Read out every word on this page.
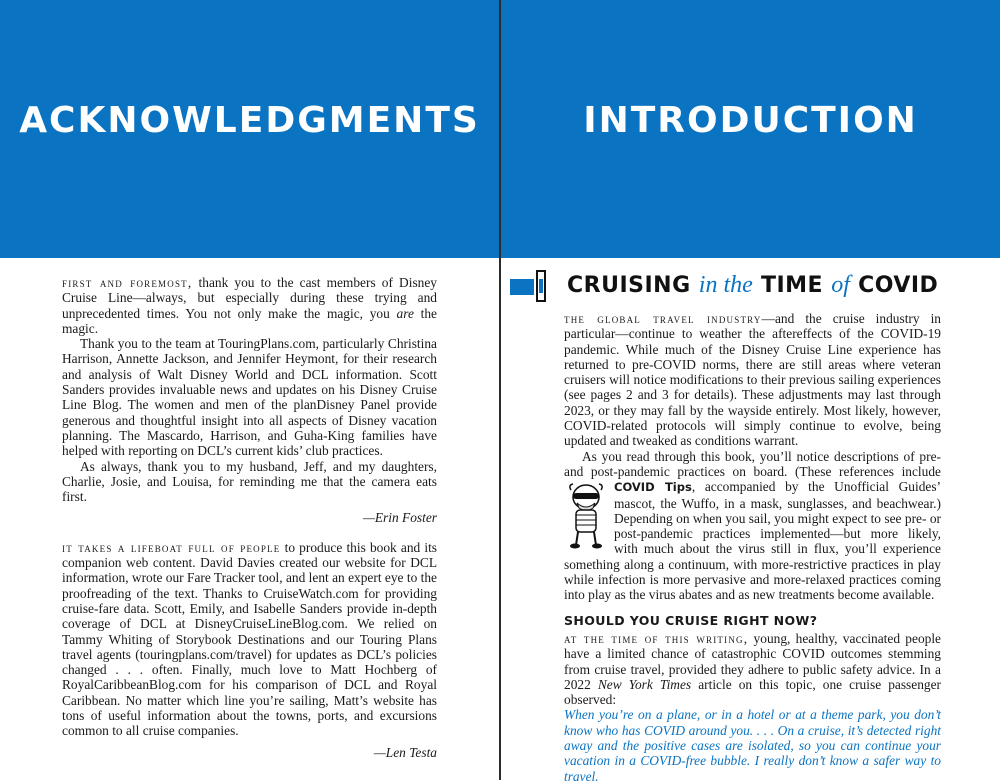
ACKNOWLEDGMENTS

first and foremost, thank you to the cast members of Disney Cruise Line—always, but especially during these trying and unprecedented times. You not only make the magic, you are the magic.

Thank you to the team at TouringPlans.com, particularly Christina Harrison, Annette Jackson, and Jennifer Heymont, for their research and analysis of Walt Disney World and DCL information. Scott Sanders provides invaluable news and updates on his Disney Cruise Line Blog. The women and men of the planDisney Panel provide generous and thoughtful insight into all aspects of Disney vacation planning. The Mascardo, Harrison, and Guha-King families have helped with reporting on DCL’s current kids’ club practices.

As always, thank you to my husband, Jeff, and my daughters, Charlie, Josie, and Louisa, for reminding me that the camera eats first.

—Erin Foster

it takes a lifeboat full of people to produce this book and its companion web content. David Davies created our website for DCL information, wrote our Fare Tracker tool, and lent an expert eye to the proofreading of the text. Thanks to CruiseWatch.com for providing cruise-fare data. Scott, Emily, and Isabelle Sanders provide in-depth coverage of DCL at DisneyCruiseLineBlog.com. We relied on Tammy Whiting of Storybook Destinations and our Touring Plans travel agents (touringplans.com/travel) for updates as DCL’s policies changed . . . often. Finally, much love to Matt Hochberg of RoyalCaribbeanBlog.com for his comparison of DCL and Royal Caribbean. No matter which line you’re sailing, Matt’s website has tons of useful information about the towns, ports, and excursions common to all cruise companies.

—Len Testa

INTRODUCTION
CRUISING in the TIME of COVID

the global travel industry—and the cruise industry in particular—continue to weather the aftereffects of the COVID-19 pandemic. While much of the Disney Cruise Line experience has returned to pre-COVID norms, there are still areas where veteran cruisers will notice modifications to their previous sailing experiences (see pages 2 and 3 for details). These adjustments may last through 2023, or they may fall by the wayside entirely. Most likely, however, COVID-related protocols will simply continue to evolve, being updated and tweaked as conditions warrant.

As you read through this book, you’ll notice descriptions of pre- and post-pandemic practices on board. (These references include
COVID Tips, accompanied by the Unofficial Guides’ mascot, the Wuffo, in a mask, sunglasses, and beachwear.) Depending on when you sail, you might expect to see pre- or post-pandemic practices implemented—but more likely, with much about the virus still in flux, you’ll experience something along a continuum, with more-restrictive practices in play while infection is more pervasive and more-relaxed practices coming into play as the virus abates and as new treatments become available.

SHOULD YOU CRUISE RIGHT NOW?

at the time of this writing, young, healthy, vaccinated people have a limited chance of catastrophic COVID outcomes stemming from cruise travel, provided they adhere to public safety advice. In a 2022 New York Times article on this topic, one cruise passenger observed:

When you’re on a plane, or in a hotel or at a theme park, you don’t know who has COVID around you. . . . On a cruise, it’s detected right away and the positive cases are isolated, so you can continue your vacation in a COVID-free bubble. I really don’t know a safer way to travel.
